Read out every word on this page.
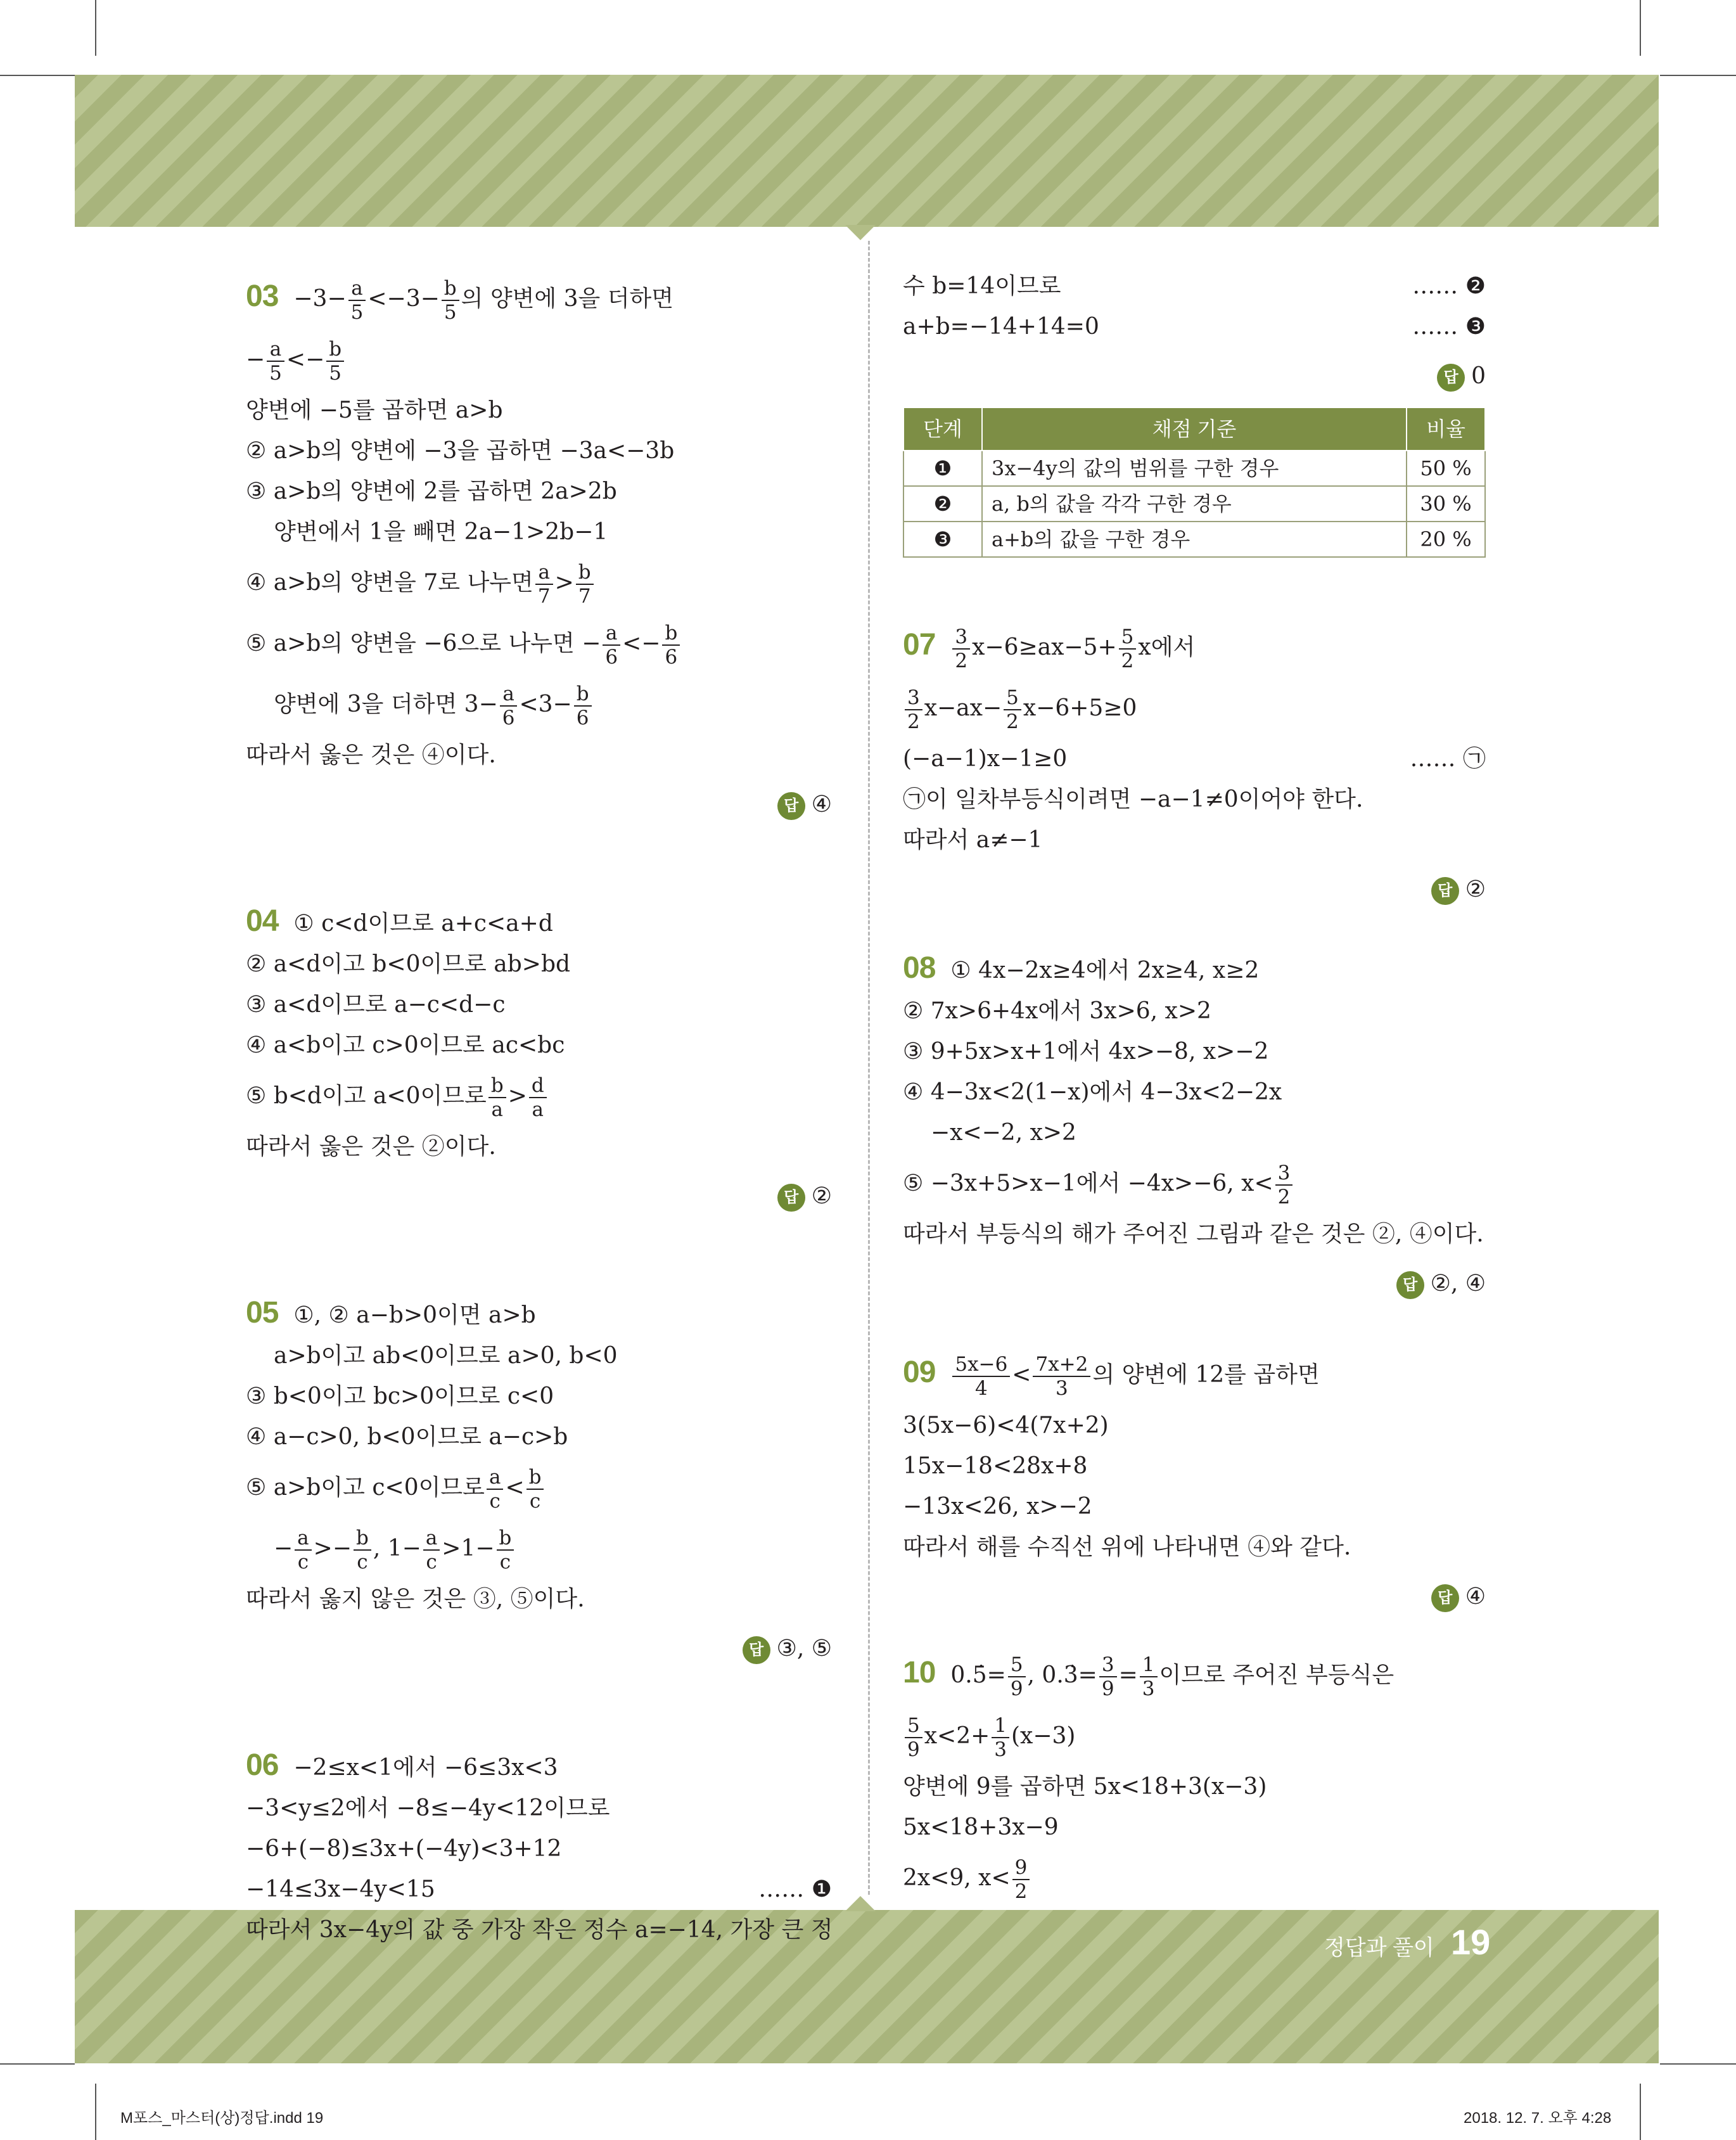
$03 -3- \frac{a}{5} <-3- \frac{b}{5}$ 의 양변에 3을 더하면
− $\frac{a}{5} <- \frac{b}{5}$
양변에 −5를 곱하면 a>b
② a>b의 양변에 −3을 곱하면 −3a<−3b
③ a>b의 양변에 2를 곱하면 2a>2b
양변에서 1을 빼면 2a−1>2b−1
④ a>b의 양변을 7로 나누면 $\frac{a}{7} > \frac{b}{7}$
⑤ a>b의 양변을 −6으로 나누면 − $\frac{a}{6} <- \frac{b}{6}$
양변에 3을 더하면 $3- \frac{a}{6} <3- \frac{b}{6}$
따라서 옳은 것은 ④이다.
답 ④
04 ① c<d이므로 a+c<a+d
② a<d이고 b<0이므로 ab>bd
③ a<d이므로 a−c<d−c
④ a<b이고 c>0이므로 ac<bc
⑤ b<d이고 a<0이므로 $\frac{b}{a} > \frac{d}{a}$
따라서 옳은 것은 ②이다.
답 ②
05 ①, ② a−b>0이면 a>b
a>b이고 ab<0이므로 a>0, b<0
③ b<0이고 bc>0이므로 c<0
④ a−c>0, b<0이므로 a−c>b
⑤ a>b이고 c<0이므로 $\frac{a}{c} < \frac{b}{c}$
− $\frac{a}{c} >- \frac{b}{c}$ , $1- \frac{a}{c} >1- \frac{b}{c}$
따라서 옳지 않은 것은 ③, ⑤이다.
답 ③, ⑤
06 −2≤x<1에서 −6≤3x<3
−3<y≤2에서 −8≤−4y<12이므로
−6+(−8)≤3x+(−4y)<3+12
−14≤3x−4y<15	…… ❶
따라서 3x−4y의 값 중 가장 작은 정수 a=−14, 가장 큰 정
수 b=14이므로	…… ❷
a+b=−14+14=0	…… ❸
답 0
단계	채점 기준	비율
❶	3x−4y의 값의 범위를 구한 경우	50 %
❷	a, b의 값을 각각 구한 경우	30 %
❸	a+b의 값을 구한 경우	20 %
$07 \frac{3}{2} x-6\ge ax-5+ \frac{5}{2}$ x에서
$\frac{3}{2} x-ax- \frac{5}{2} x-6+5\ge 0$
(−a−1)x−1≥0	…… ㉠
㉠이 일차부등식이려면 −a−1≠0이어야 한다.
따라서 a≠−1
답 ②
08 ① 4x−2x≥4에서 2x≥4, x≥2
② 7x>6+4x에서 3x>6, x>2
③ 9+5x>x+1에서 4x>−8, x>−2
④ 4−3x<2(1−x)에서 4−3x<2−2x
−x<−2, x>2
⑤ −3x+5>x−1에서 −4x>−6, $x< \frac{3}{2}$
따라서 부등식의 해가 주어진 그림과 같은 것은 ②, ④이다.
답 ②, ④
$09 \frac{5x-6}{4} < \frac{7x+2}{3}$ 의 양변에 12를 곱하면
3(5x−6)<4(7x+2)
15x−18<28x+8
−13x<26, x>−2
따라서 해를 수직선 위에 나타내면 ④와 같다.
답 ④
10 0.5̇= $\frac{5}{9}$ , 0.3̇= $\frac{3}{9} = \frac{1}{3}$ 이므로 주어진 부등식은
$\frac{5}{9} x<2+ \frac{1}{3} (x-3)$
양변에 9를 곱하면 5x<18+3(x−3)
5x<18+3x−9
2x<9, $x< \frac{9}{2}$
정답과 풀이 19
M포스_마스터(상)정답.indd 19	2018. 12. 7. 오후 4:28
